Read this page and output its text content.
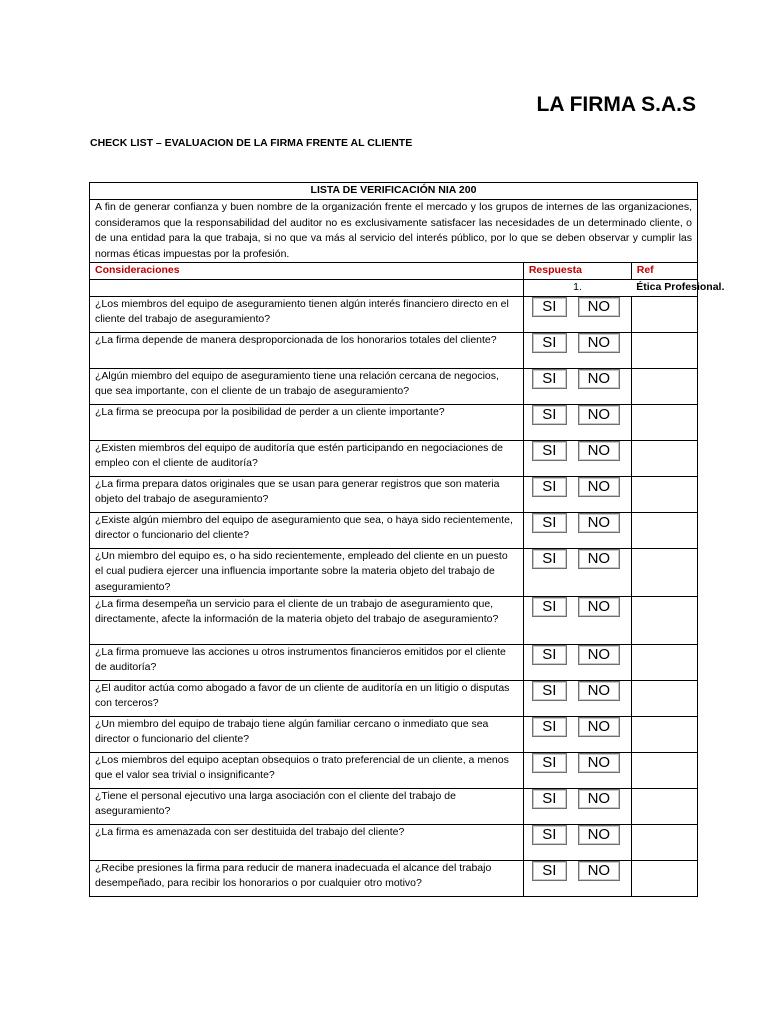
LA FIRMA S.A.S
CHECK LIST – EVALUACION DE LA FIRMA FRENTE AL CLIENTE
LISTA DE VERIFICACIÓN NIA 200		
A fin de generar confianza y buen nombre de la organización frente el mercado y los grupos de internes de las organizaciones, consideramos que la responsabilidad del auditor no es exclusivamente satisfacer las necesidades de un determinado cliente, o de una entidad para la que trabaja, si no que va más al servicio del interés público, por lo que se deben observar y cumplir las normas éticas impuestas por la profesión.		
Consideraciones	Respuesta	Ref
	1.	Ética Profesional.
¿Los miembros del equipo de aseguramiento tienen algún interés financiero directo en el cliente del trabajo de aseguramiento?	SI NO	

¿La firma depende de manera desproporcionada de los honorarios totales del cliente?	SI NO	

¿Algún miembro del equipo de aseguramiento tiene una relación cercana de negocios, que sea importante, con el cliente de un trabajo de aseguramiento?	SI NO	

¿La firma se preocupa por la posibilidad de perder a un cliente importante?	SI NO	

¿Existen miembros del equipo de auditoría que estén participando en negociaciones de empleo con el cliente de auditoría?	SI NO	

¿La firma prepara datos originales que se usan para generar registros que son materia objeto del trabajo de aseguramiento?	SI NO	

¿Existe algún miembro del equipo de aseguramiento que sea, o haya sido recientemente, director o funcionario del cliente?	SI NO	

¿Un miembro del equipo es, o ha sido recientemente, empleado del cliente en un puesto el cual pudiera ejercer una influencia importante sobre la materia objeto del trabajo de aseguramiento?	SI NO	

¿La firma desempeña un servicio para el cliente de un trabajo de aseguramiento que, directamente, afecte la información de la materia objeto del trabajo de aseguramiento?	SI NO	

¿La firma promueve las acciones u otros instrumentos financieros emitidos por el cliente de auditoría?	SI NO	

¿El auditor actúa como abogado a favor de un cliente de auditoría en un litigio o disputas con terceros?	SI NO	

¿Un miembro del equipo de trabajo tiene algún familiar cercano o inmediato que sea director o funcionario del cliente?	SI NO	

¿Los miembros del equipo aceptan obsequios o trato preferencial de un cliente, a menos que el valor sea trivial o insignificante?	SI NO	

¿Tiene el personal ejecutivo una larga asociación con el cliente del trabajo de aseguramiento?	SI NO	

¿La firma es amenazada con ser destituida del trabajo del cliente?	SI NO	

¿Recibe presiones la firma para reducir de manera inadecuada el alcance del trabajo desempeñado, para recibir los honorarios o por cualquier otro motivo?	SI NO	
